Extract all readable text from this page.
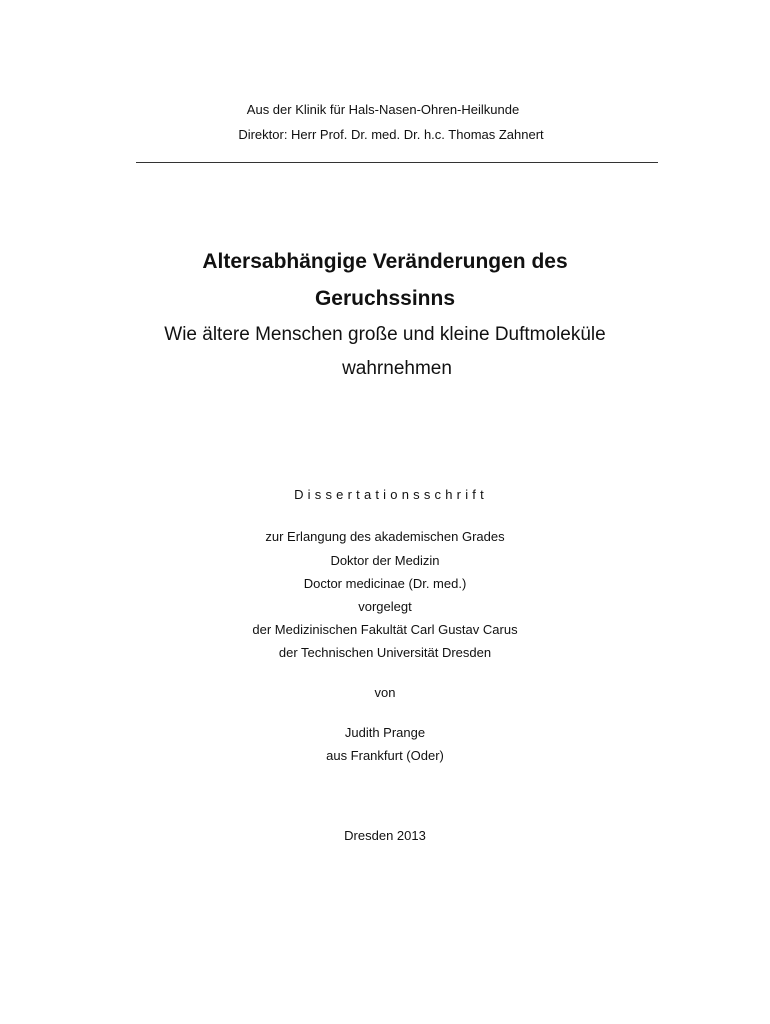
Aus der Klinik für Hals-Nasen-Ohren-Heilkunde
Direktor: Herr Prof. Dr. med. Dr. h.c. Thomas Zahnert
Altersabhängige Veränderungen des
Geruchssinns
Wie ältere Menschen große und kleine Duftmoleküle
wahrnehmen
Dissertationsschrift
zur Erlangung des akademischen Grades
Doktor der Medizin
Doctor medicinae (Dr. med.)
vorgelegt
der Medizinischen Fakultät Carl Gustav Carus
der Technischen Universität Dresden
von
Judith Prange
aus Frankfurt (Oder)
Dresden 2013
